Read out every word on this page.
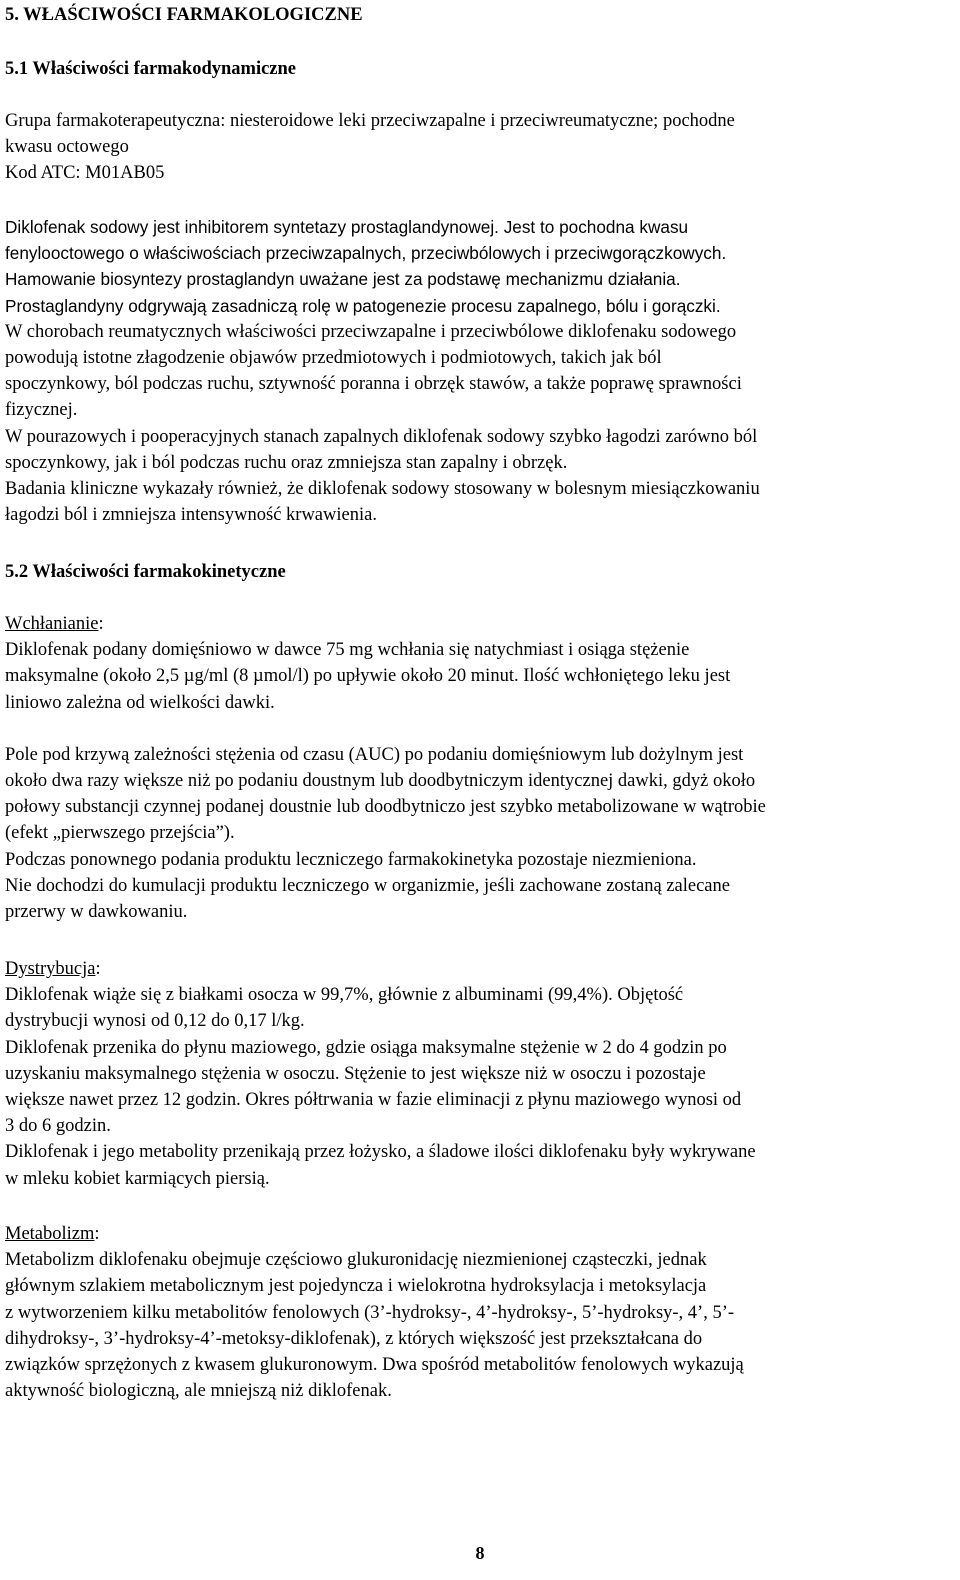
5. WŁAŚCIWOŚCI FARMAKOLOGICZNE
5.1 Właściwości farmakodynamiczne

Grupa farmakoterapeutyczna: niesteroidowe leki przeciwzapalne i przeciwreumatyczne; pochodne

kwasu octowego

Kod ATC: M01AB05

Diklofenak sodowy jest inhibitorem syntetazy prostaglandynowej. Jest to pochodna kwasu

fenylooctowego o właściwościach przeciwzapalnych, przeciwbólowych i przeciwgorączkowych.

Hamowanie biosyntezy prostaglandyn uważane jest za podstawę mechanizmu działania.

Prostaglandyny odgrywają zasadniczą rolę w patogenezie procesu zapalnego, bólu i gorączki.

W chorobach reumatycznych właściwości przeciwzapalne i przeciwbólowe diklofenaku sodowego

powodują istotne złagodzenie objawów przedmiotowych i podmiotowych, takich jak ból

spoczynkowy, ból podczas ruchu, sztywność poranna i obrzęk stawów, a także poprawę sprawności

fizycznej.

W pourazowych i pooperacyjnych stanach zapalnych diklofenak sodowy szybko łagodzi zarówno ból

spoczynkowy, jak i ból podczas ruchu oraz zmniejsza stan zapalny i obrzęk.

Badania kliniczne wykazały również, że diklofenak sodowy stosowany w bolesnym miesiączkowaniu

łagodzi ból i zmniejsza intensywność krwawienia.

5.2 Właściwości farmakokinetyczne

Wchłanianie:

Diklofenak podany domięśniowo w dawce 75 mg wchłania się natychmiast i osiąga stężenie

maksymalne (około 2,5 µg/ml (8 µmol/l) po upływie około 20 minut. Ilość wchłoniętego leku jest

liniowo zależna od wielkości dawki.

Pole pod krzywą zależności stężenia od czasu (AUC) po podaniu domięśniowym lub dożylnym jest

około dwa razy większe niż po podaniu doustnym lub doodbytniczym identycznej dawki, gdyż około

połowy substancji czynnej podanej doustnie lub doodbytniczo jest szybko metabolizowane w wątrobie

(efekt „pierwszego przejścia”).

Podczas ponownego podania produktu leczniczego farmakokinetyka pozostaje niezmieniona.

Nie dochodzi do kumulacji produktu leczniczego w organizmie, jeśli zachowane zostaną zalecane

przerwy w dawkowaniu.

Dystrybucja:

Diklofenak wiąże się z białkami osocza w 99,7%, głównie z albuminami (99,4%). Objętość

dystrybucji wynosi od 0,12 do 0,17 l/kg.

Diklofenak przenika do płynu maziowego, gdzie osiąga maksymalne stężenie w 2 do 4 godzin po

uzyskaniu maksymalnego stężenia w osoczu. Stężenie to jest większe niż w osoczu i pozostaje

większe nawet przez 12 godzin. Okres półtrwania w fazie eliminacji z płynu maziowego wynosi od

3 do 6 godzin.

Diklofenak i jego metabolity przenikają przez łożysko, a śladowe ilości diklofenaku były wykrywane

w mleku kobiet karmiących piersią.

Metabolizm:

Metabolizm diklofenaku obejmuje częściowo glukuronidację niezmienionej cząsteczki, jednak

głównym szlakiem metabolicznym jest pojedyncza i wielokrotna hydroksylacja i metoksylacja

z wytworzeniem kilku metabolitów fenolowych (3’-hydroksy-, 4’-hydroksy-, 5’-hydroksy-, 4’, 5’-

dihydroksy-, 3’-hydroksy-4’-metoksy-diklofenak), z których większość jest przekształcana do

związków sprzężonych z kwasem glukuronowym. Dwa spośród metabolitów fenolowych wykazują

aktywność biologiczną, ale mniejszą niż diklofenak.

8
